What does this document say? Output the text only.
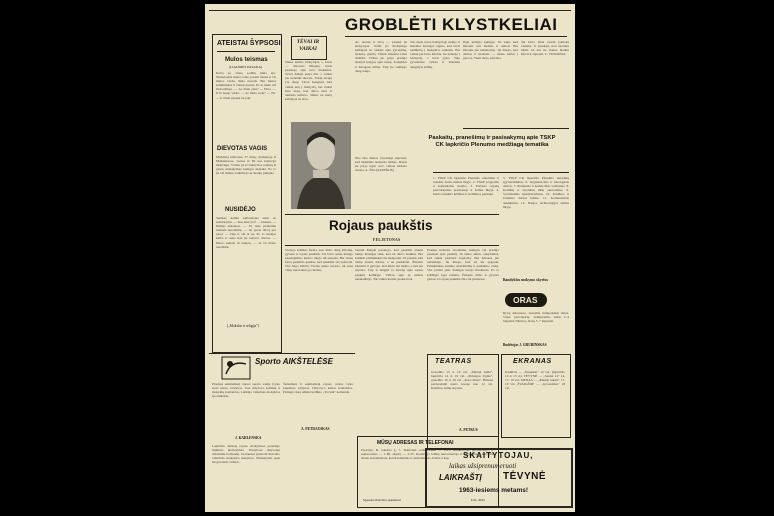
GROBLĖTI KLYSTKELIAI
ATEISTAI ŠYPSOSI
Mulos teismas
(LIAUDIES PASAKA)
Kartą po vieną sodžių mula ėjo. Nuskriausta mulos teisė, pareiti tiesiai ir vis mulos vardu, mula neveda. Bet mulos šeimininkas ir vienas poetas. Po to mula vėl išsivedžioja. — Ar mula eina? — Eina. — Ir iš naujo verkė. — Ar mula veda? — Ne. — Ir mula pasakė tai patį.
DIEVOTAS VAGIS
Mažeikių klebonas, 37 metų, mažeikoje iš Mažeikiuose, vienas iš 60 kas kainuoja tikinčiųjų. Vėliau jis iš bažnyčios reikalų iš gautų atsisakymus kunigui atsisakė. Po to jis vėl mišias vaikščiojo su skautų pinigais.
NUSIDĖJO
Senikas kaimo keliaudojas teisė su susidarymu. — Kas man yra? — klausia. — Dėmąs atsisakos. — Uj, mes padarėme nemaža nuodėmių. — Ar gavai dievą per parą? — Taip ir vėl iš ne. Po to teisėjas kalba ir sako kad jis nebuvo dievas. — Dievo keliais aš nuėjau, — aš tai mano nuodėmė.
(„Mokslas ir religija")
TĖVAI IR VAIKAI
Sūnus kaimo mokytojas, o tėvas — dievotas žmogus, kuris pasakojo apie savo mokinius. Tėvai dažnai patys tiki, o vaikai jau nebetiki dievais. Tokių atvejų yra daug. Tėvai stengiasi, kad vaikai eitų į bažnyčią, bet vaikai žino tiesą, kad dievo nėra ir niekada nebuvo. Sūnus ne kartą kalbėjosi su tėvu.
Ar, norėtų ir tėvų — pasakė jis mokytojas. Todėl jis mokykloje kalbėjosi su vaikais apie gyvenimą, mokslą, gamtą. Vaikai klausėsi labai atidžiai. Vėliau jie patys pradėjo skaityti knygas apie žemę, žvaigždes ir žmogaus kilmę. Taip jie sužinojo daug naujo.
Tuo metu tėvas bažnyčioje sėdėjo ir meldėsi. Kunigas ragino, kad tėvai nežiūrėtų į mokyklos reikalus. Bet vaikai jau buvo kitokie. Jie nebeėjo į bažnyčią, o tėvai pyko. Taip gyvenimas vyksta ir šiandien daugelyje šeimų.
Nuo šios dienos vyresnieji supranta, kad tikėjimas neatneša laimės. Dabar jie patys ugdo savo vaikus mokslo dvasia. A. Šilis (KUPIŠKIS)
Ilgai kalbėjo kunigas. Jis sakė, kad žmonės turi melstis ir aukoti. Bet žmonės jau nebenorėjo. Jie žinojo, kad darbas ir mokslas — tikras kelias į gerovę. Vieni išėjo, kiti liko.
Tai buvo labai svarbi pamoka visiems. Ir pasakyti, kad nereikia tikėti, tai dar ne viskas. Reikia žinoti ir suprasti. C. VINGRINA
Paskaitų, pranešimų ir pasisakymų apie TSKP CK lapkričio Plenumo medžiagą tematika
1. TSKP CK lapkričio Plenumo nutarimai ir tolesnis darbo žemės ūkyje. 2. TSKP programa ir komunizmo statyba. 3. Partinio organų pertvarkymas pramonėje ir žemės ūkyje. 4. Darbo našumo kėlimas ir technikos pažanga.
5. TSKP CK lapkričio Plenumo nutarimų įgyvendinimas. 6. Organizacinis ir ideologinis darbas. 7. Pramonės ir žemės ūkio valdymas. 8. Kolūkių ir tarybinių ūkių ekonomika. 9. Socialistinis lenktyniavimas. 10. Kultūros ir švietimo darbai kaime. 11. Komunistinis auklėjimas. 12. Naujos technologijos žemės ūkyje.
Bandyklos mokymo skyrius
Rojaus paukštis
FELJETONAS
Vienoje kolūkio ferma, kur dirbo daug žmonių, gyveno ir rojaus paukštis. Tai buvo senas kunigo pasakojimas, kuriuo tikėjo tik senutės. Bet vieną kartą pasklido gandas, kad paukštis vėl pasirodė. Visi bėgo žiūrėti. Tačiau nieko nerado, tik seną vištą, kuri laksto po kiemą.
Senutė Magdė pasakojo, kad paukštis atnešė laimę. Kunigas sakė, kad tai dievo ženklas. Bet kolūkio pirmininkas tik nusijuokė. Jis pasakė, kad laimę atneša darbas, o ne paukščiai. Žmonės klausėsi ir galvojo. Kai kurie dar tikėjo, o kiti jau suprato. Taip ir baigėsi ta istorija apie rojaus paukštį kolūkyje. Vėliau apie ją niekas nebekalbėjo. Tik vaikai kartais juokdavosi.
Praėjus kelioms savaitėms, kunigas vėl pradėjo pasakoti apie paukštį. Jis rinko aukas, sakydamas, kad reikia pastatyti koplyčią. Bet žmonės jau nebetikėjo. Jie žinojo, kad tai tik apgaulė. Pirmininkas surinko susirinkimą ir paaiškino viską. Visi pritarė jam. Kunigas turėjo išvažiuoti. Po to kolūkyje tapo ramiau. Žmonės dirbo ir gyveno geriau. O rojaus paukštis liko tik pasakose.
A. PETKUS
ORAS
Rytoj debesuota, vietomis trumpalaikis lietus. Vėjas pietvakarių. Temperatūra naktį 2–4 laipsniai šilumos, dieną 5–7 laipsniai.
Budėtojas J. GRUBINSKAS
Sporto AIKŠTELĖSE
Praėjusį sekmadienį rajono sporto salėje įvyko stalo teniso varžybos. Jose dalyvavo kolūkių ir mokyklų komandos. Laimėjo vidurinės mokyklos sportininkai.
Šeštadienį ir sekmadienį rajono centre vyko krepšinio turnyras. Dalyvavo šešios komandos. Pirmąją vietą užėmė kolūkio „Tėvynė" komanda.
A. PETRAUSKAS
J. KARLENSKA
Lapkričio mėnesį rajono mokyklose prasidėjo tinklinio pirmenybės. Varžybose dalyvauja dvidešimt komandų. Geriausiai pasirodė Pasvalio vidurinės mokyklos merginos. Pirmenybės tęsis iki gruodžio vidurio.
TEATRAS
Gruodžio 13 d. 19 val. „Mažoji našlė", lapkričio 14 d. 19 val. „Pabaigos Ugnis", gruodžio 16 d. 19 val. „Kasa Marė". Bilietai parduodami teatro kasoje nuo 12 val. Kultūros namų skyrius.
EKRANAS
KARIJA — „Naujakai" 14 val. (lapkričio 14 ir 15 d.). TĖVYNĖ — „Seniai 14" 14, 17, 19 val. MENAS — „Mažoji naktis" 17, 19 val. ŽVAIGŽDĖ — „Gyvenimas" 18 val.
MŪSŲ ADRESAS IR TELEFONAI
Pasvalys, R. Giedrio g. 7. Telefonai: redaktoriaus — 1-21, redaktoriaus pavaduotojo ir sekretoriaus — 1-86, skyrių — 2-37. Redakcija laiškų nerecenzuoja ir negrąžina. Laikraštis išeina antradieniais, ketvirtadieniais ir šeštadieniais. Kaina 2 kap.
Spaudos Pasvalio spaustuvė	Užs. 2043
SKAITYTOJAU,
laikas užsiprenumeruoti
LAIKRAŠTĮ TĖVYNĖ
1963-iesiems metams!
